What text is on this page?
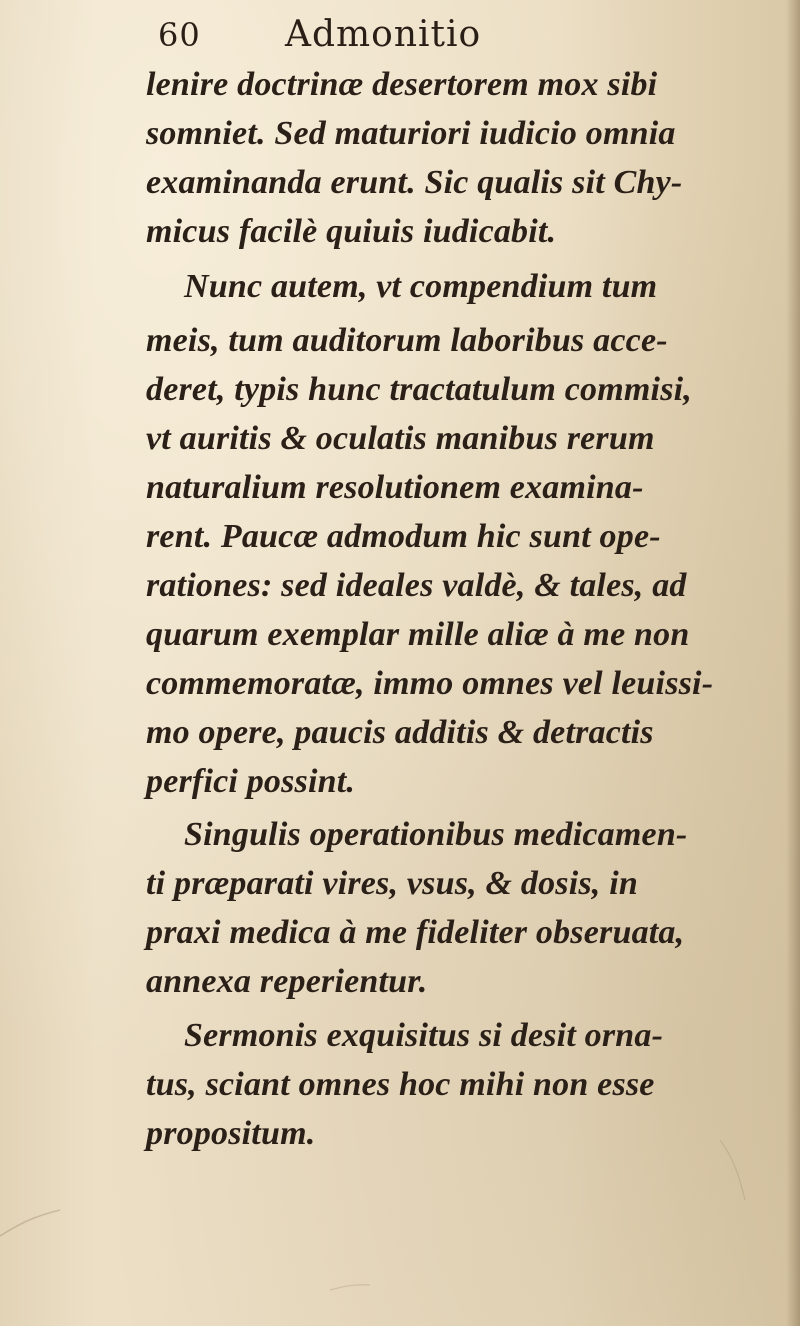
60 Admonitio
lenire doctrinæ desertorem mox sibi
somniet. Sed maturiori iudicio omnia
examinanda erunt. Sic qualis sit Chy-
micus facilè quiuis iudicabit.
Nunc autem, vt compendium tum
meis, tum auditorum laboribus acce-
deret, typis hunc tractatulum commisi,
vt auritis & oculatis manibus rerum
naturalium resolutionem examina-
rent. Paucæ admodum hic sunt ope-
rationes: sed ideales valdè, & tales, ad
quarum exemplar mille aliæ à me non
commemoratæ, immo omnes vel leuissi-
mo opere, paucis additis & detractis
perfici possint.
Singulis operationibus medicamen-
ti præparati vires, vsus, & dosis, in
praxi medica à me fideliter obseruata,
annexa reperientur.
Sermonis exquisitus si desit orna-
tus, sciant omnes hoc mihi non esse
propositum.
